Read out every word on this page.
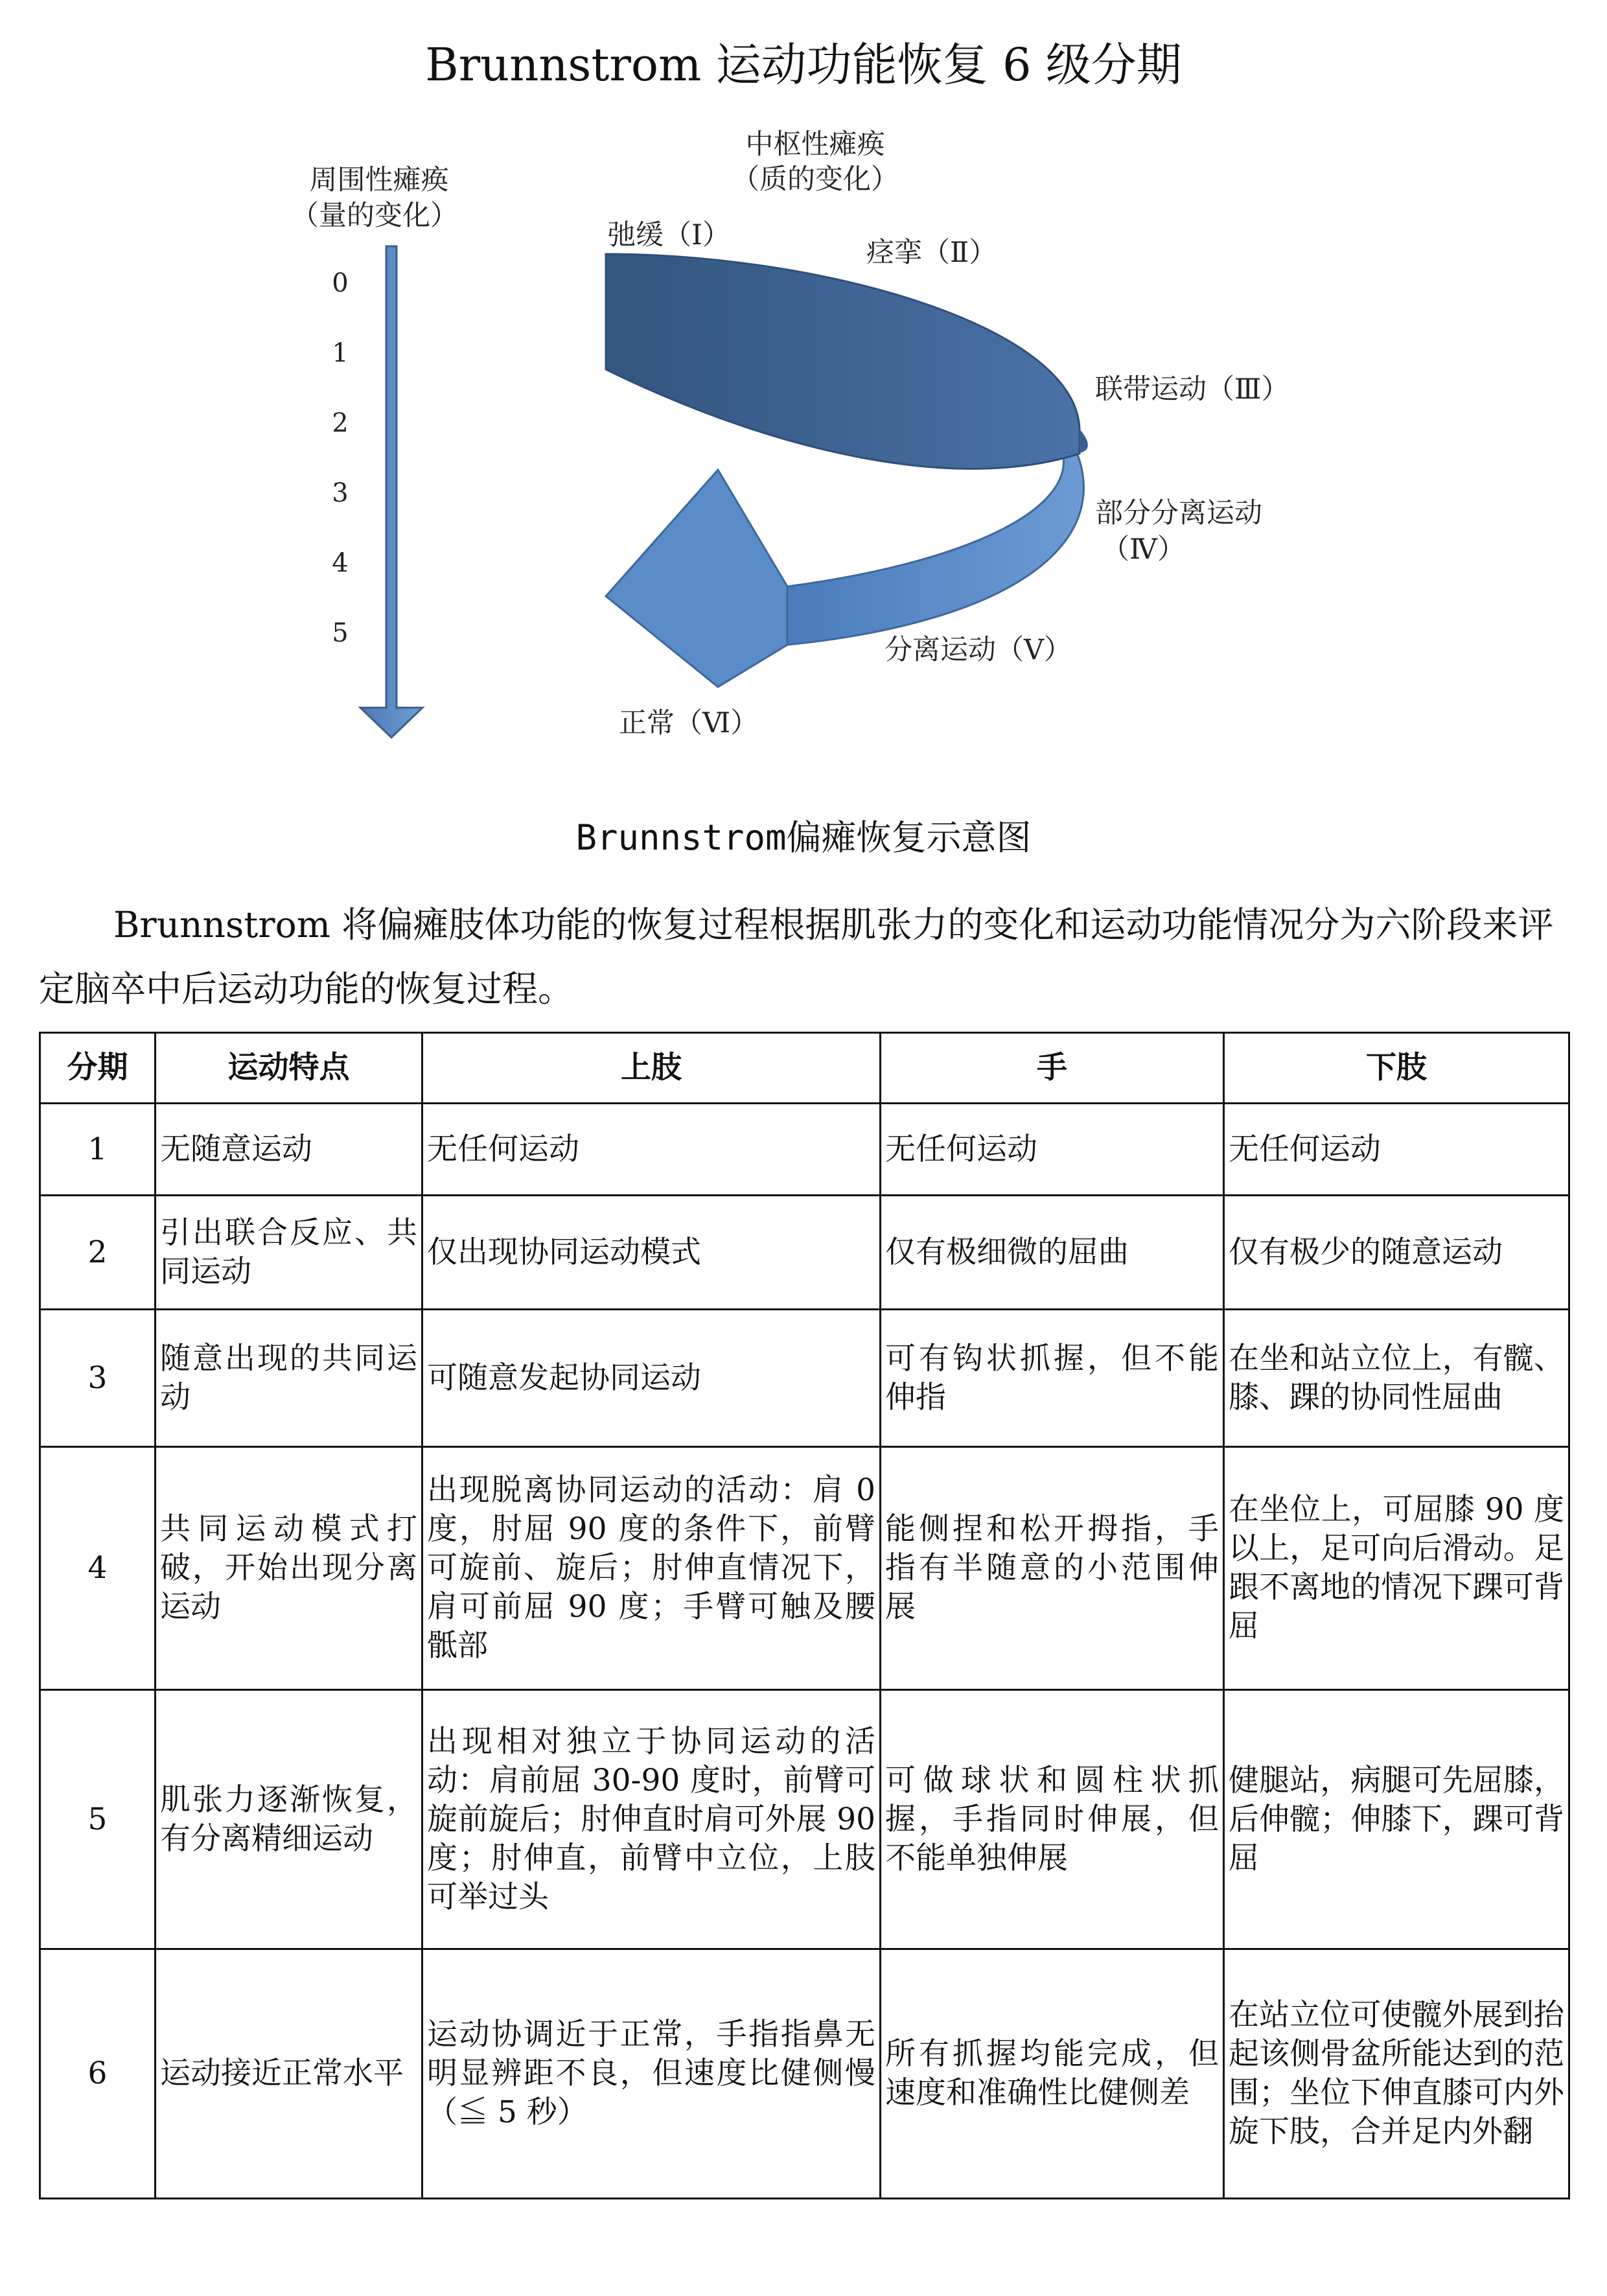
Brunnstrom 运动功能恢复 6 级分期
周围性瘫痪
（量的变化）
0
1
2
3
4
5
中枢性瘫痪
（质的变化）
弛缓（Ⅰ）
痉挛（Ⅱ）
联带运动（Ⅲ）
部分分离运动
（Ⅳ）
分离运动（Ⅴ）
正常（Ⅵ）
Brunnstrom偏瘫恢复示意图

Brunnstrom 将偏瘫肢体功能的恢复过程根据肌张力的变化和运动功能情况分为六阶段来评定脑卒中后运动功能的恢复过程。

分期	运动特点	上肢	手	下肢
1	无随意运动	无任何运动	无任何运动	无任何运动
2	引出联合反应、共同运动	仅出现协同运动模式	仅有极细微的屈曲	仅有极少的随意运动
3	随意出现的共同运动	可随意发起协同运动	可有钩状抓握，但不能伸指	在坐和站立位上，有髋、膝、踝的协同性屈曲
4	共同运动模式打破，开始出现分离运动	出现脱离协同运动的活动：肩 0 度，肘屈 90 度的条件下，前臂可旋前、旋后；肘伸直情况下，肩可前屈 90 度；手臂可触及腰骶部	能侧捏和松开拇指，手指有半随意的小范围伸展	在坐位上，可屈膝 90 度以上，足可向后滑动。足跟不离地的情况下踝可背屈
5	肌张力逐渐恢复，有分离精细运动	出现相对独立于协同运动的活动：肩前屈 30-90 度时，前臂可旋前旋后；肘伸直时肩可外展 90 度；肘伸直，前臂中立位，上肢可举过头	可做球状和圆柱状抓握，手指同时伸展，但不能单独伸展	健腿站，病腿可先屈膝，后伸髋；伸膝下，踝可背屈
6	运动接近正常水平	运动协调近于正常，手指指鼻无明显辨距不良，但速度比健侧慢（≦ 5 秒）	所有抓握均能完成，但速度和准确性比健侧差	在站立位可使髋外展到抬起该侧骨盆所能达到的范围；坐位下伸直膝可内外旋下肢，合并足内外翻
